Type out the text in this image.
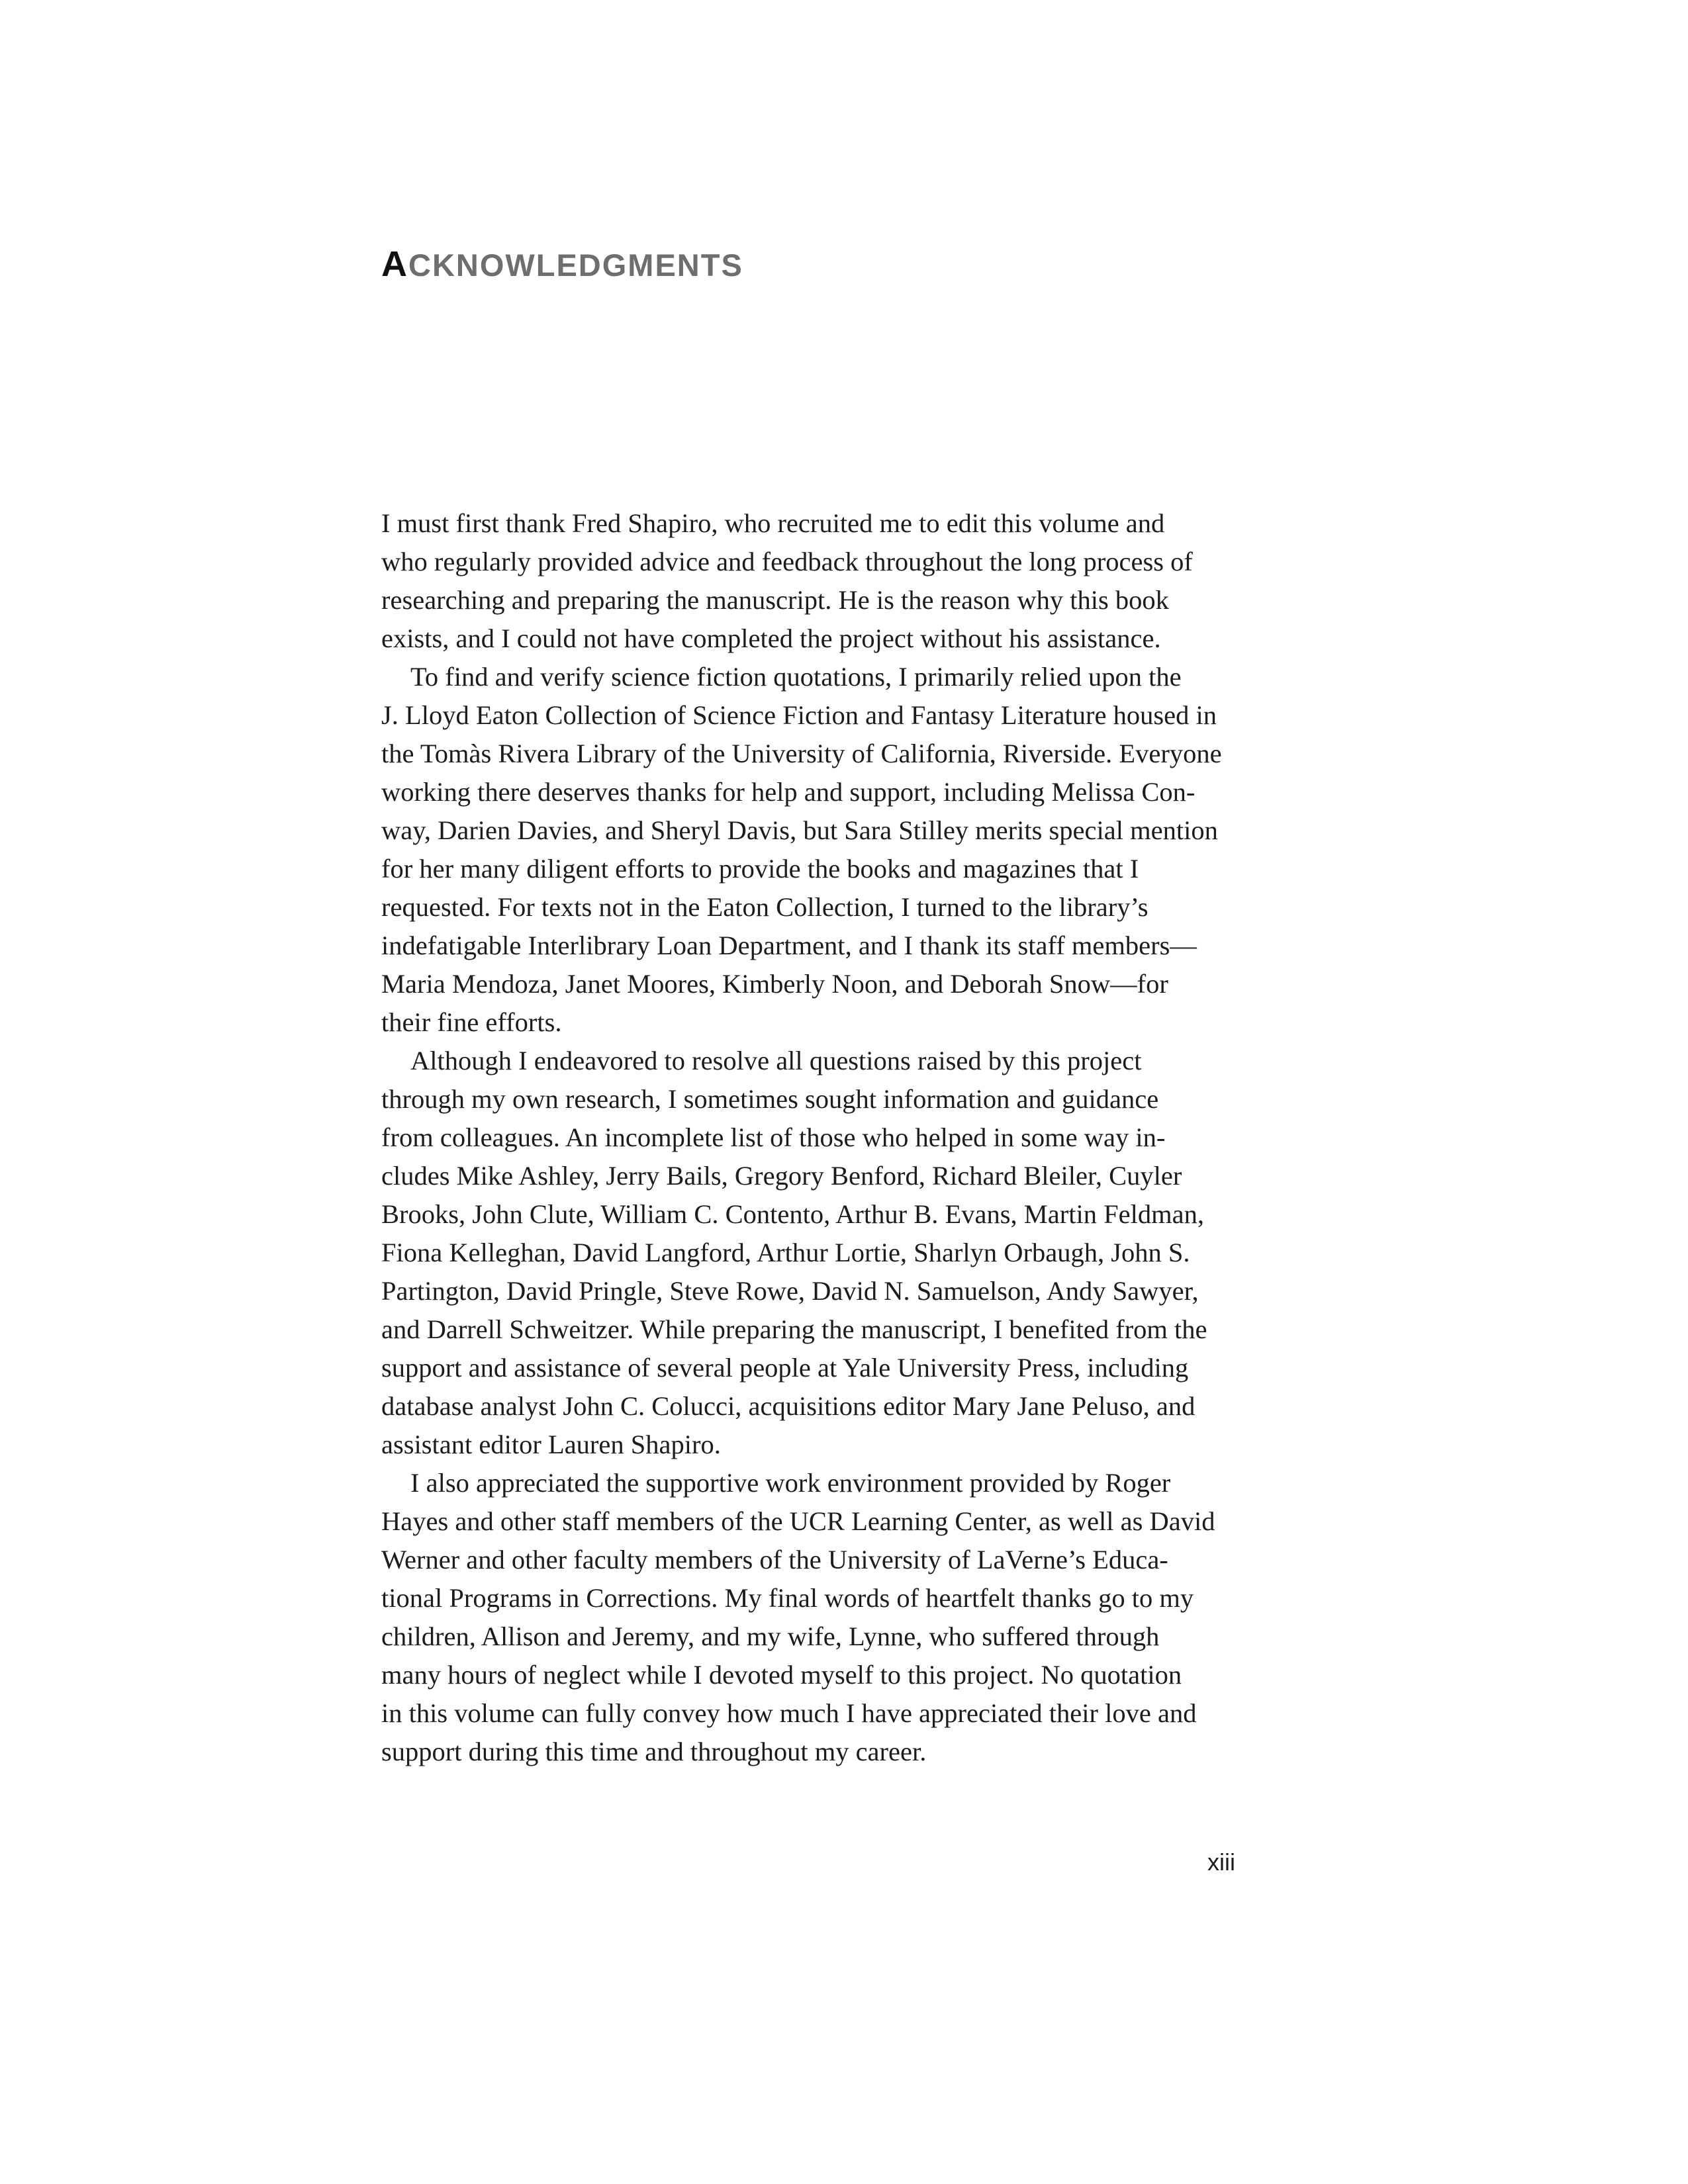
ACKNOWLEDGMENTS

I must first thank Fred Shapiro, who recruited me to edit this volume and
who regularly provided advice and feedback throughout the long process of
researching and preparing the manuscript. He is the reason why this book
exists, and I could not have completed the project without his assistance.

To find and verify science fiction quotations, I primarily relied upon the
J. Lloyd Eaton Collection of Science Fiction and Fantasy Literature housed in
the Tomàs Rivera Library of the University of California, Riverside. Everyone
working there deserves thanks for help and support, including Melissa Con-
way, Darien Davies, and Sheryl Davis, but Sara Stilley merits special mention
for her many diligent efforts to provide the books and magazines that I
requested. For texts not in the Eaton Collection, I turned to the library’s
indefatigable Interlibrary Loan Department, and I thank its staff members—
Maria Mendoza, Janet Moores, Kimberly Noon, and Deborah Snow—for
their fine efforts.

Although I endeavored to resolve all questions raised by this project
through my own research, I sometimes sought information and guidance
from colleagues. An incomplete list of those who helped in some way in-
cludes Mike Ashley, Jerry Bails, Gregory Benford, Richard Bleiler, Cuyler
Brooks, John Clute, William C. Contento, Arthur B. Evans, Martin Feldman,
Fiona Kelleghan, David Langford, Arthur Lortie, Sharlyn Orbaugh, John S.
Partington, David Pringle, Steve Rowe, David N. Samuelson, Andy Sawyer,
and Darrell Schweitzer. While preparing the manuscript, I benefited from the
support and assistance of several people at Yale University Press, including
database analyst John C. Colucci, acquisitions editor Mary Jane Peluso, and
assistant editor Lauren Shapiro.

I also appreciated the supportive work environment provided by Roger
Hayes and other staff members of the UCR Learning Center, as well as David
Werner and other faculty members of the University of LaVerne’s Educa-
tional Programs in Corrections. My final words of heartfelt thanks go to my
children, Allison and Jeremy, and my wife, Lynne, who suffered through
many hours of neglect while I devoted myself to this project. No quotation
in this volume can fully convey how much I have appreciated their love and
support during this time and throughout my career.

xiii
